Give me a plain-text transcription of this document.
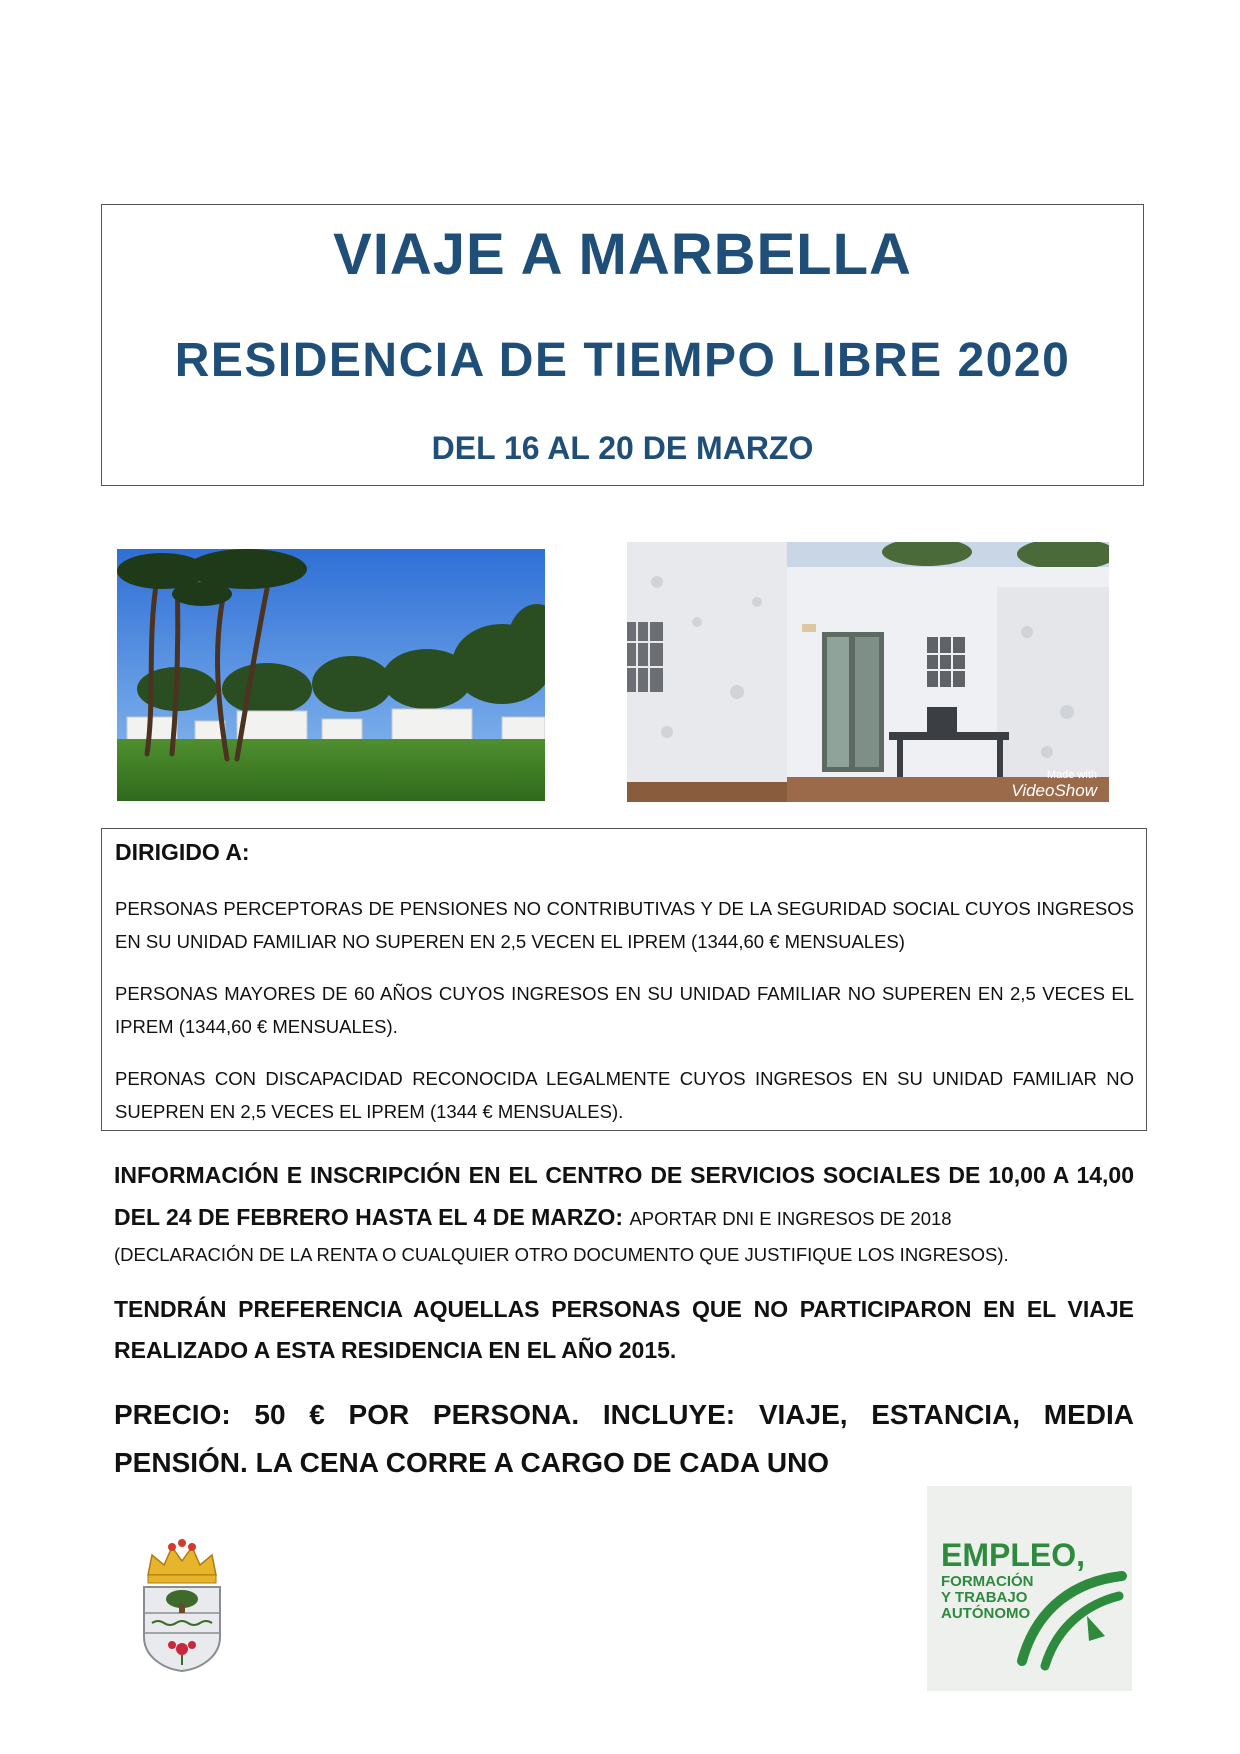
VIAJE A MARBELLA
RESIDENCIA DE TIEMPO LIBRE 2020
DEL 16 AL 20 DE MARZO
Made with
VideoShow
DIRIGIDO A:
PERSONAS PERCEPTORAS DE PENSIONES NO CONTRIBUTIVAS Y DE LA SEGURIDAD SOCIAL CUYOS INGRESOS EN SU UNIDAD FAMILIAR NO SUPEREN EN 2,5 VECEN EL IPREM (1344,60 € MENSUALES)
PERSONAS MAYORES DE 60 AÑOS CUYOS INGRESOS EN SU UNIDAD FAMILIAR NO SUPEREN EN 2,5 VECES EL IPREM (1344,60 € MENSUALES).
PERONAS CON DISCAPACIDAD RECONOCIDA LEGALMENTE CUYOS INGRESOS EN SU UNIDAD FAMILIAR NO SUEPREN EN 2,5 VECES EL IPREM (1344 € MENSUALES).
INFORMACIÓN E INSCRIPCIÓN EN EL CENTRO DE SERVICIOS SOCIALES DE 10,00 A 14,00 DEL 24 DE FEBRERO HASTA EL 4 DE MARZO: APORTAR DNI E INGRESOS DE 2018
(DECLARACIÓN DE LA RENTA O CUALQUIER OTRO DOCUMENTO QUE JUSTIFIQUE LOS INGRESOS).
TENDRÁN PREFERENCIA AQUELLAS PERSONAS QUE NO PARTICIPARON EN EL VIAJE REALIZADO A ESTA RESIDENCIA EN EL AÑO 2015.
PRECIO: 50 € POR PERSONA. INCLUYE: VIAJE, ESTANCIA, MEDIA PENSIÓN. LA CENA CORRE A CARGO DE CADA UNO
EMPLEO,
FORMACIÓN
Y TRABAJO
AUTÓNOMO
